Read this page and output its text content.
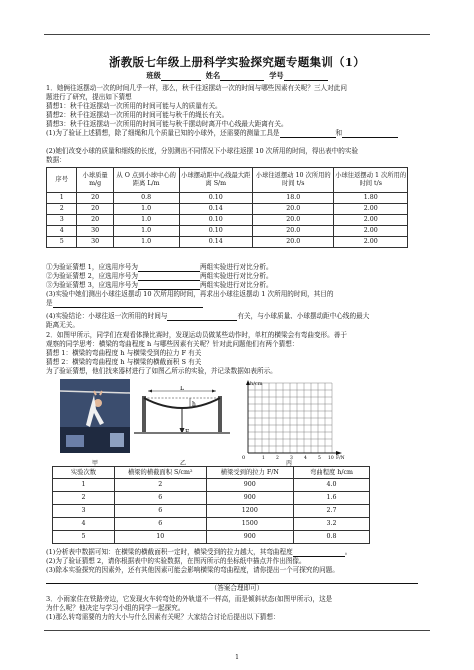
浙教版七年级上册科学实验探究题专题集训（1）
班级	姓名	学号
1．她俩往返摆动一次的时间几乎一样，那么，秋千往返摆动一次的时间与哪些因素有关呢？三人对此问
题进行了研究，提出如下猜想
猜想1：秋千往返摆动一次所用的时间可能与人的质量有关。
猜想2：秋千往返摆动一次所用的时间可能与秋千的绳长有关。
猜想3：秋千往返摆动一次所用的时间可能与秋千摆动时离开中心线最大距离有关。
(1)为了验证上述猜想，除了细绳和几个质量已知的小球外，还需要的测量工具是	和
(2)她们改变小球的质量和细线的长度，分别测出不同情况下小球往返摆 10 次所用的时间，得出表中的实验
数据：
序号	小球质量 m/g	从 O 点到小球中心的距离 L/m	小球摆动距中心线最大距离 S/m	小球往返摆动 10 次所用的时间 t/s	小球往返摆动 1 次所用的时间 t/s
1	20	0.8	0.10	18.0	1.80
2	20	1.0	0.14	20.0	2.00
3	20	1.0	0.10	20.0	2.00
4	30	1.0	0.10	20.0	2.00
5	30	1.0	0.14	20.0	2.00
①为验证猜想 1，应选用序号为	两组实验进行对比分析。
②为验证猜想 2，应选用序号为	两组实验进行对比分析。
③为验证猜想 3，应选用序号为	两组实验进行对比分析。
(3)实验中她们测出小球往返摆动 10 次所用的时间，再求出小球往返摆动 1 次所用的时间，其目的
是
(4)实验结论：小球往返一次所用的时间与	有关，与小球质量、小球摆动距中心线的最大
距离无关。
2．如图甲所示，同学们在观看体操比赛时，发现运动员做某些动作时，单杠的横梁会有弯曲变形。善于
观察的同学思考：横梁的弯曲程度 h 与哪些因素有关呢？针对此问题他们有两个猜想：
猜想 1：横梁的弯曲程度 h 与横梁受到的拉力 F 有关
猜想 2：横梁的弯曲程度 h 与横梁的横截面积 S 有关
为了验证猜想，他们找来器材进行了如图乙所示的实验，并记录数据如表所示。
L
h
h/cm
0	1 2 3 4 5 10 F/N
甲	乙	丙
实验次数	横梁的横截面积 S/cm²	横梁受到的拉力 F/N	弯曲程度 h/cm
1	2	900	4.0
2	6	900	1.6
3	6	1200	2.7
4	6	1500	3.2
5	10	900	0.8
(1)分析表中数据可知：在横梁的横截面积一定时，横梁受到的拉力越大，其弯曲程度	。
(2)为了验证猜想 2，请你根据表中的实验数据，在图丙所示的坐标纸中描点并作出图像。
(3)除本实验探究的因素外，还有其他因素可能会影响横梁的弯曲程度，请你提出一个可探究的问题。
（答案合理即可）
3．小雨家住在铁路旁边，它发现火车转弯处的外轨道不一样高，而是倾斜状态(如图甲所示)，这是
为什么呢？他决定与学习小组的同学一起探究。
(1)那么转弯需要的力的大小与什么因素有关呢？大家结合讨论后提出以下猜想：
1
